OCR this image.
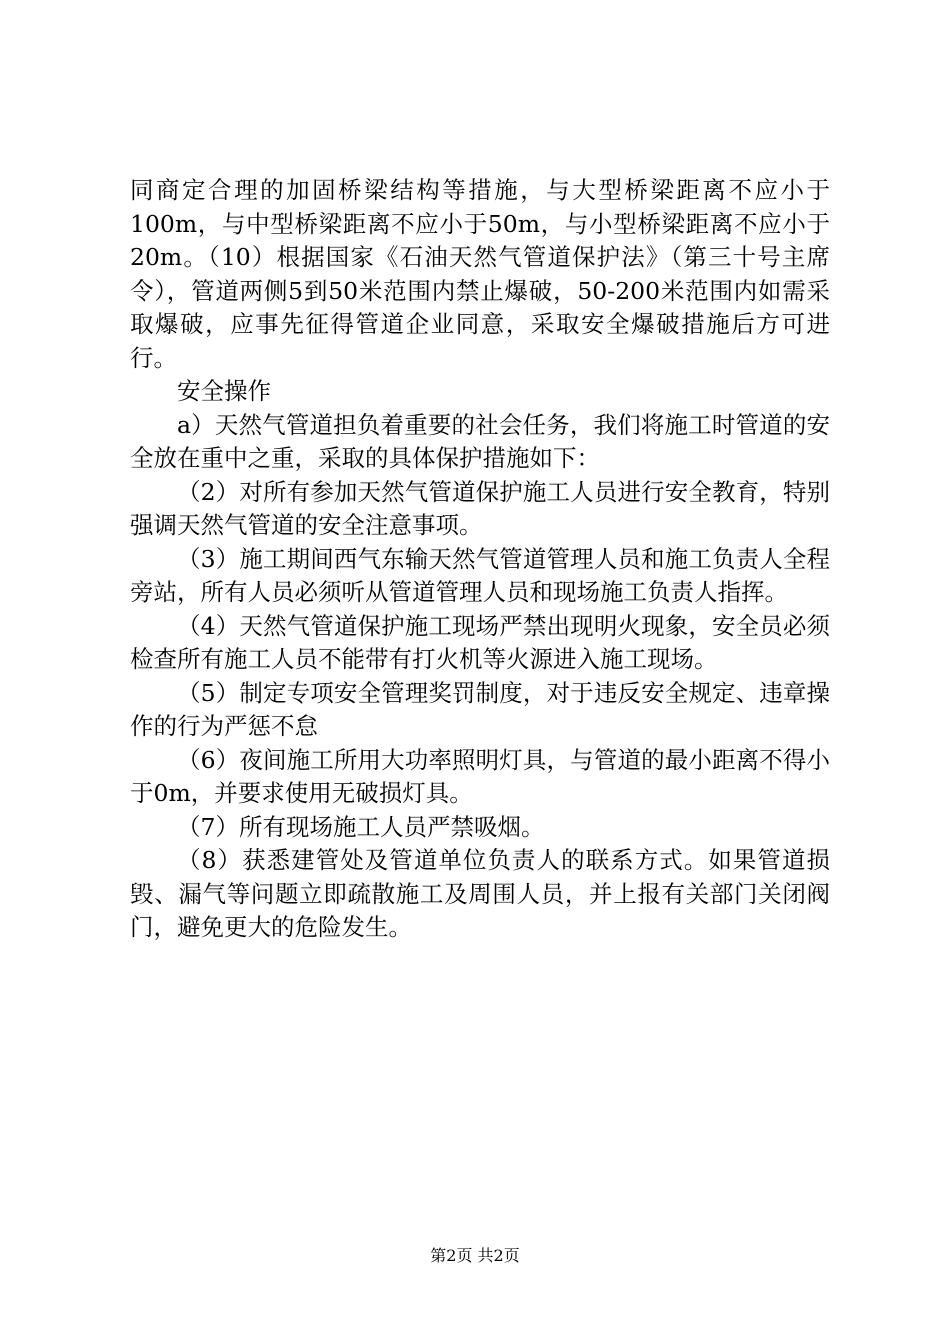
同商定合理的加固桥梁结构等措施，与大型桥梁距离不应小于100m，与中型桥梁距离不应小于50m，与小型桥梁距离不应小于20m。（10）根据国家《石油天然气管道保护法》（第三十号主席令），管道两侧5到50米范围内禁止爆破，50-200米范围内如需采取爆破，应事先征得管道企业同意，采取安全爆破措施后方可进行。

安全操作

a）天然气管道担负着重要的社会任务，我们将施工时管道的安全放在重中之重，采取的具体保护措施如下：

（2）对所有参加天然气管道保护施工人员进行安全教育，特别强调天然气管道的安全注意事项。

（3）施工期间西气东输天然气管道管理人员和施工负责人全程旁站，所有人员必须听从管道管理人员和现场施工负责人指挥。

（4）天然气管道保护施工现场严禁出现明火现象，安全员必须检查所有施工人员不能带有打火机等火源进入施工现场。

（5）制定专项安全管理奖罚制度，对于违反安全规定、违章操作的行为严惩不怠

（6）夜间施工所用大功率照明灯具，与管道的最小距离不得小于0m，并要求使用无破损灯具。

（7）所有现场施工人员严禁吸烟。

（8）获悉建管处及管道单位负责人的联系方式。如果管道损毁、漏气等问题立即疏散施工及周围人员，并上报有关部门关闭阀门，避免更大的危险发生。

第2页 共2页
